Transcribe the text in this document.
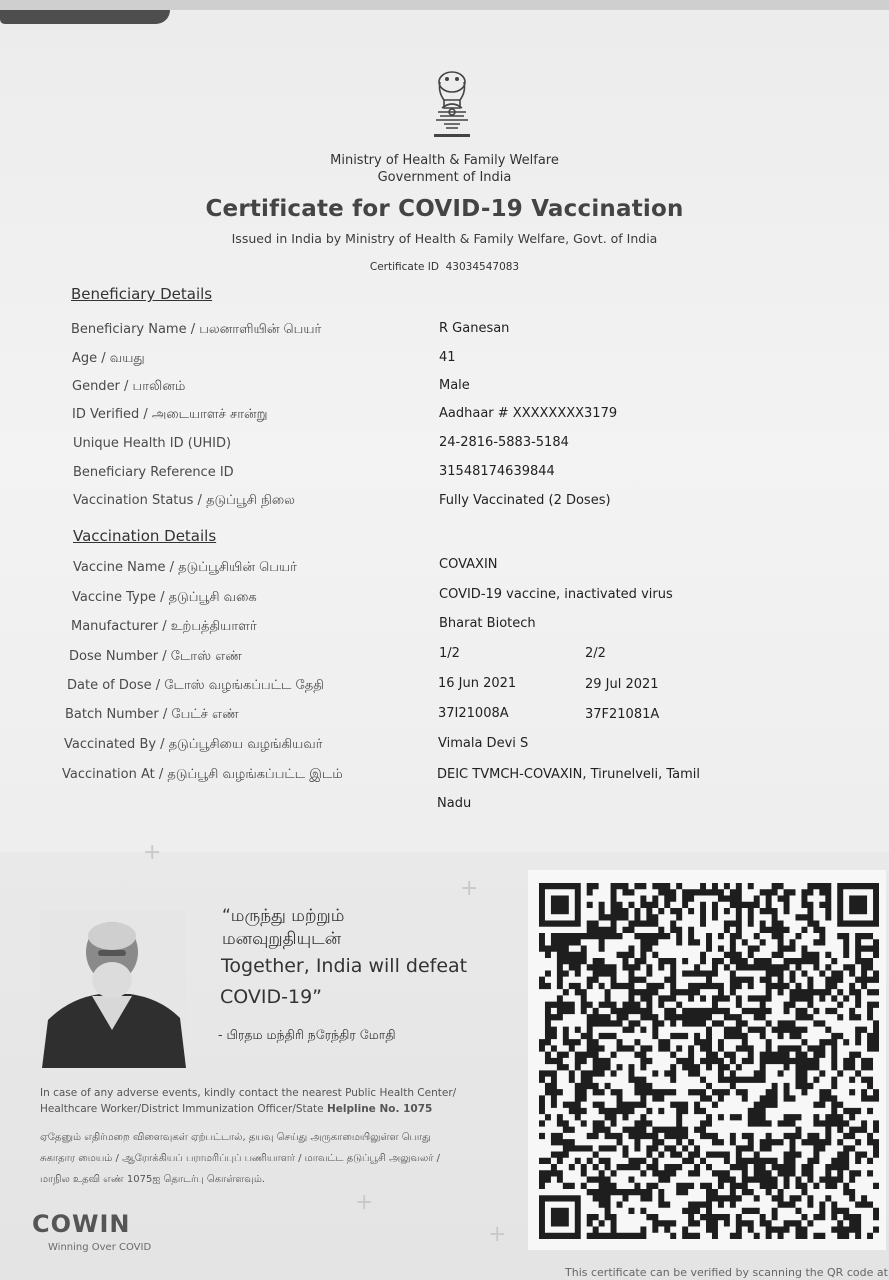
Ministry of Health & Family Welfare
Government of India
Certificate for COVID-19 Vaccination
Issued in India by Ministry of Health & Family Welfare, Govt. of India
Certificate ID 43034547083
Beneficiary Details
Beneficiary Name / பலனாளியின் பெயர்	R Ganesan
Age / வயது	41
Gender / பாலினம்	Male
ID Verified / அடையாளச் சான்று	Aadhaar # XXXXXXXX3179
Unique Health ID (UHID)	24-2816-5883-5184
Beneficiary Reference ID	31548174639844
Vaccination Status / தடுப்பூசி நிலை	Fully Vaccinated (2 Doses)
Vaccination Details
Vaccine Name / தடுப்பூசியின் பெயர்	COVAXIN
Vaccine Type / தடுப்பூசி வகை	COVID-19 vaccine, inactivated virus
Manufacturer / உற்பத்தியாளர்	Bharat Biotech
Dose Number / டோஸ் எண்	1/2	2/2
Date of Dose / டோஸ் வழங்கப்பட்ட தேதி	16 Jun 2021	29 Jul 2021
Batch Number / பேட்ச் எண்	37I21008A	37F21081A
Vaccinated By / தடுப்பூசியை வழங்கியவர்	Vimala Devi S
Vaccination At / தடுப்பூசி வழங்கப்பட்ட இடம்	DEIC TVMCH-COVAXIN, Tirunelveli, Tamil
Nadu
+
+
+
+
“மருந்து மற்றும்
மனவுறுதியுடன்
Together, India will defeat
COVID-19”
- பிரதம மந்திரி நரேந்திர மோதி
In case of any adverse events, kindly contact the nearest Public Health Center/
Healthcare Worker/District Immunization Officer/State Helpline No. 1075
ஏதேனும் எதிர்மறை விளைவுகள் ஏற்பட்டால், தயவு செய்து அருகாமையிலுள்ள பொது
சுகாதார மையம் / ஆரோக்கியப் பராமரிப்புப் பணியாளர் / மாவட்ட தடுப்பூசி அலுவலர் /
மாநில உதவி எண் 1075ஐ தொடர்பு கொள்ளவும்.
COWIN
Winning Over COVID
This certificate can be verified by scanning the QR code at
